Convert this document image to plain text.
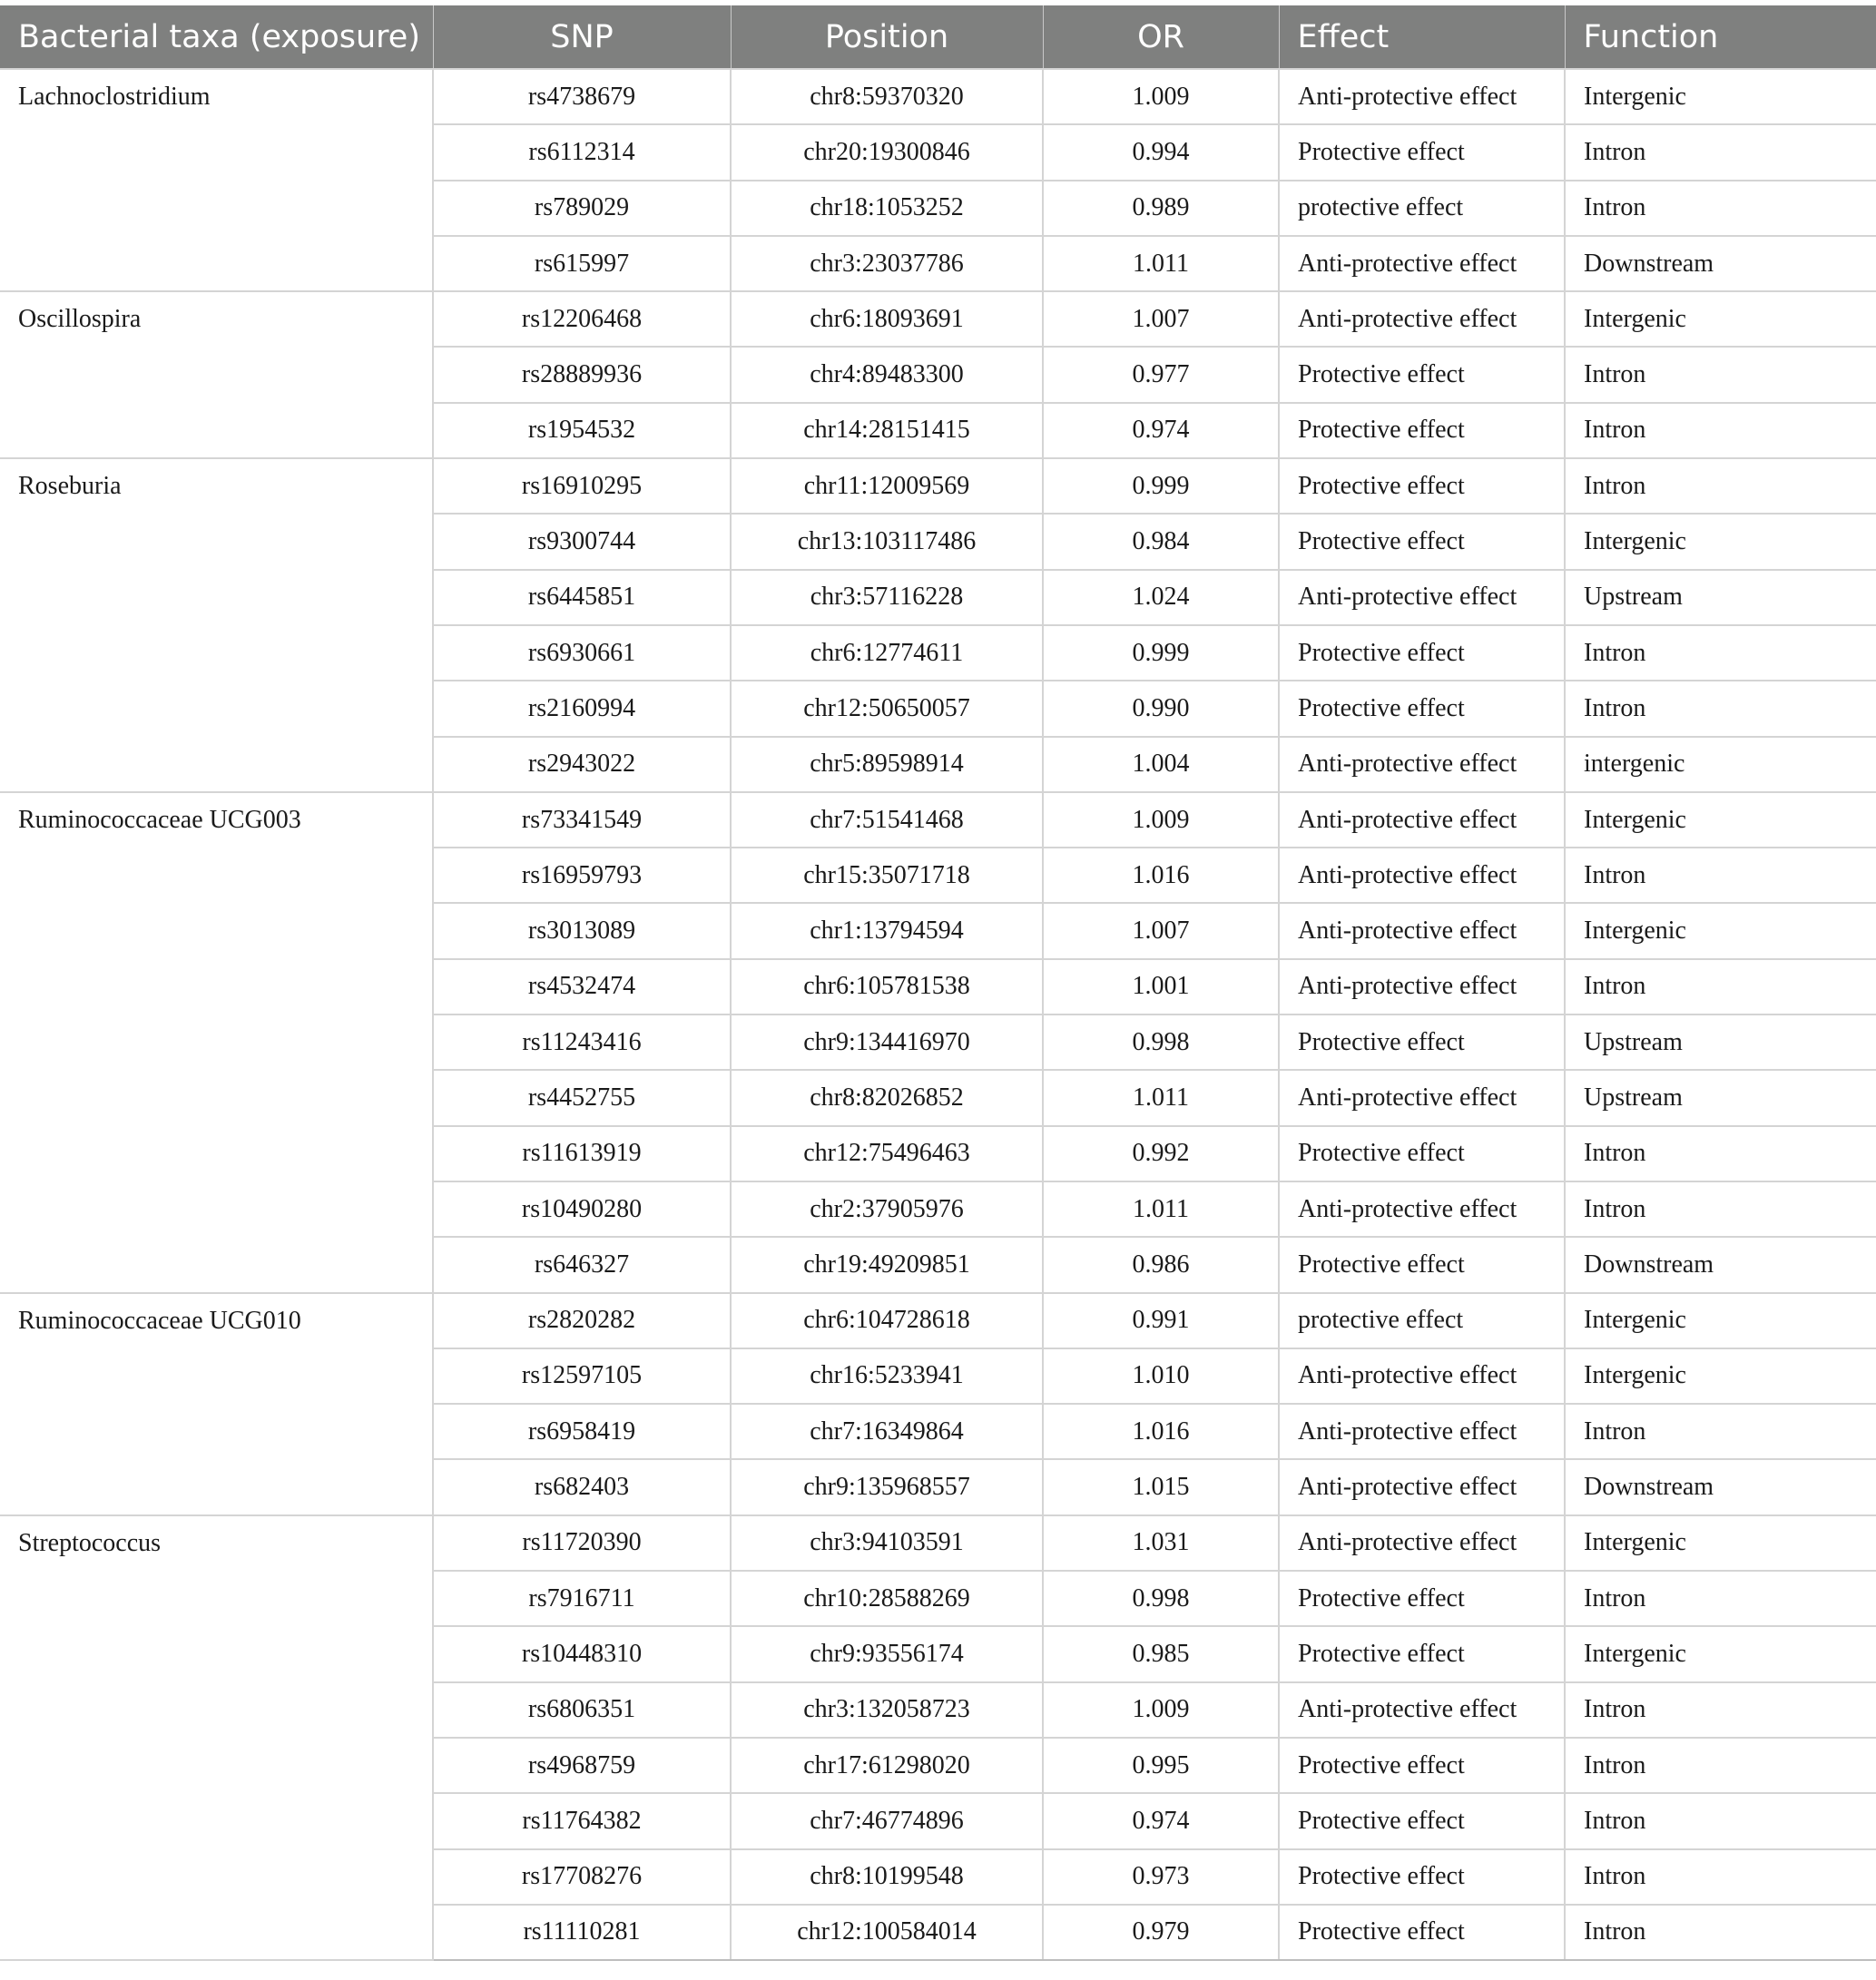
Bacterial taxa (exposure)	SNP	Position	OR	Effect	Function
Lachnoclostridium	rs4738679	chr8:59370320	1.009	Anti-protective effect	Intergenic
	rs6112314	chr20:19300846	0.994	Protective effect	Intron
	rs789029	chr18:1053252	0.989	protective effect	Intron
	rs615997	chr3:23037786	1.011	Anti-protective effect	Downstream
Oscillospira	rs12206468	chr6:18093691	1.007	Anti-protective effect	Intergenic
	rs28889936	chr4:89483300	0.977	Protective effect	Intron
	rs1954532	chr14:28151415	0.974	Protective effect	Intron
Roseburia	rs16910295	chr11:12009569	0.999	Protective effect	Intron
	rs9300744	chr13:103117486	0.984	Protective effect	Intergenic
	rs6445851	chr3:57116228	1.024	Anti-protective effect	Upstream
	rs6930661	chr6:12774611	0.999	Protective effect	Intron
	rs2160994	chr12:50650057	0.990	Protective effect	Intron
	rs2943022	chr5:89598914	1.004	Anti-protective effect	intergenic
Ruminococcaceae UCG003	rs73341549	chr7:51541468	1.009	Anti-protective effect	Intergenic
	rs16959793	chr15:35071718	1.016	Anti-protective effect	Intron
	rs3013089	chr1:13794594	1.007	Anti-protective effect	Intergenic
	rs4532474	chr6:105781538	1.001	Anti-protective effect	Intron
	rs11243416	chr9:134416970	0.998	Protective effect	Upstream
	rs4452755	chr8:82026852	1.011	Anti-protective effect	Upstream
	rs11613919	chr12:75496463	0.992	Protective effect	Intron
	rs10490280	chr2:37905976	1.011	Anti-protective effect	Intron
	rs646327	chr19:49209851	0.986	Protective effect	Downstream
Ruminococcaceae UCG010	rs2820282	chr6:104728618	0.991	protective effect	Intergenic
	rs12597105	chr16:5233941	1.010	Anti-protective effect	Intergenic
	rs6958419	chr7:16349864	1.016	Anti-protective effect	Intron
	rs682403	chr9:135968557	1.015	Anti-protective effect	Downstream
Streptococcus	rs11720390	chr3:94103591	1.031	Anti-protective effect	Intergenic
	rs7916711	chr10:28588269	0.998	Protective effect	Intron
	rs10448310	chr9:93556174	0.985	Protective effect	Intergenic
	rs6806351	chr3:132058723	1.009	Anti-protective effect	Intron
	rs4968759	chr17:61298020	0.995	Protective effect	Intron
	rs11764382	chr7:46774896	0.974	Protective effect	Intron
	rs17708276	chr8:10199548	0.973	Protective effect	Intron
	rs11110281	chr12:100584014	0.979	Protective effect	Intron
